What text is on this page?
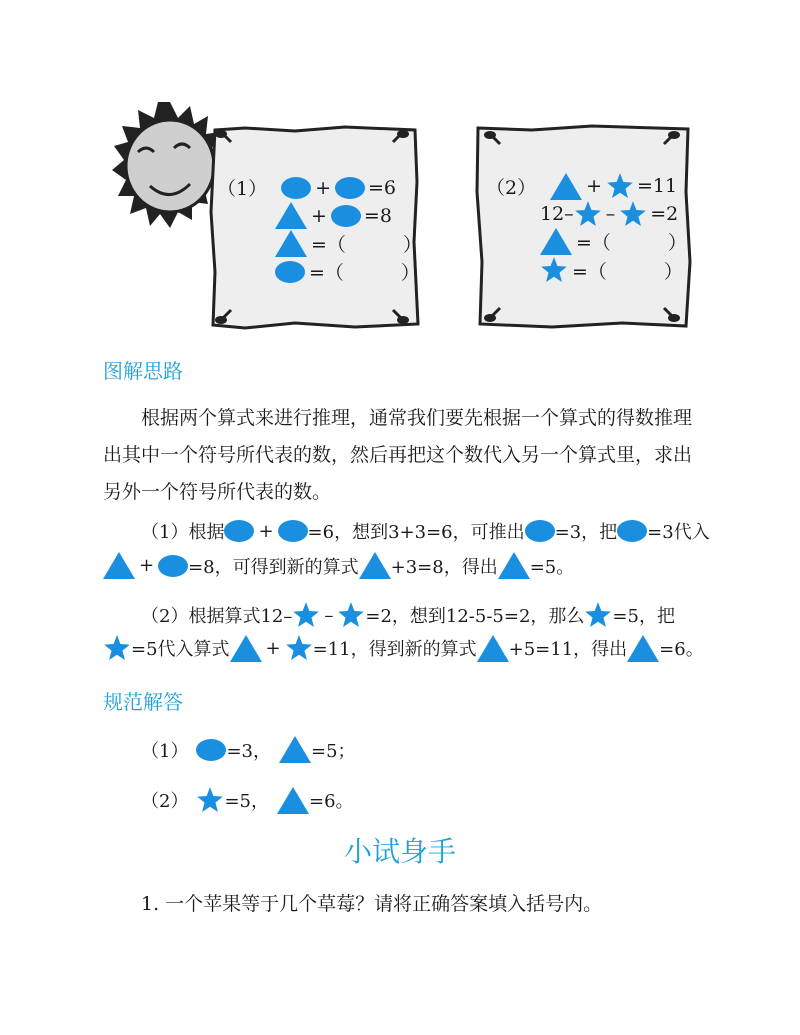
（1）	+ =6
+ =8
=（　　　）
=（　　　）
（2）	+ =11
12– – =2
=（　　　）
=（　　　）
图解思路
根据两个算式来进行推理，通常我们要先根据一个算式的得数推理出其中一个符号所代表的数，然后再把这个数代入另一个算式里，求出另外一个符号所代表的数。
（1）根据 + =6，想到3+3=6，可推出 =3，把 =3代入
+ =8，可得到新的算式 +3=8，得出 =5。
（2）根据算式12– – =2，想到12-5-5=2，那么 =5，把
=5代入算式 + =11，得到新的算式 +5=11，得出 =6。
规范解答
（1） =3， =5；
（2） =5， =6。
小试身手
1. 一个苹果等于几个草莓？请将正确答案填入括号内。
